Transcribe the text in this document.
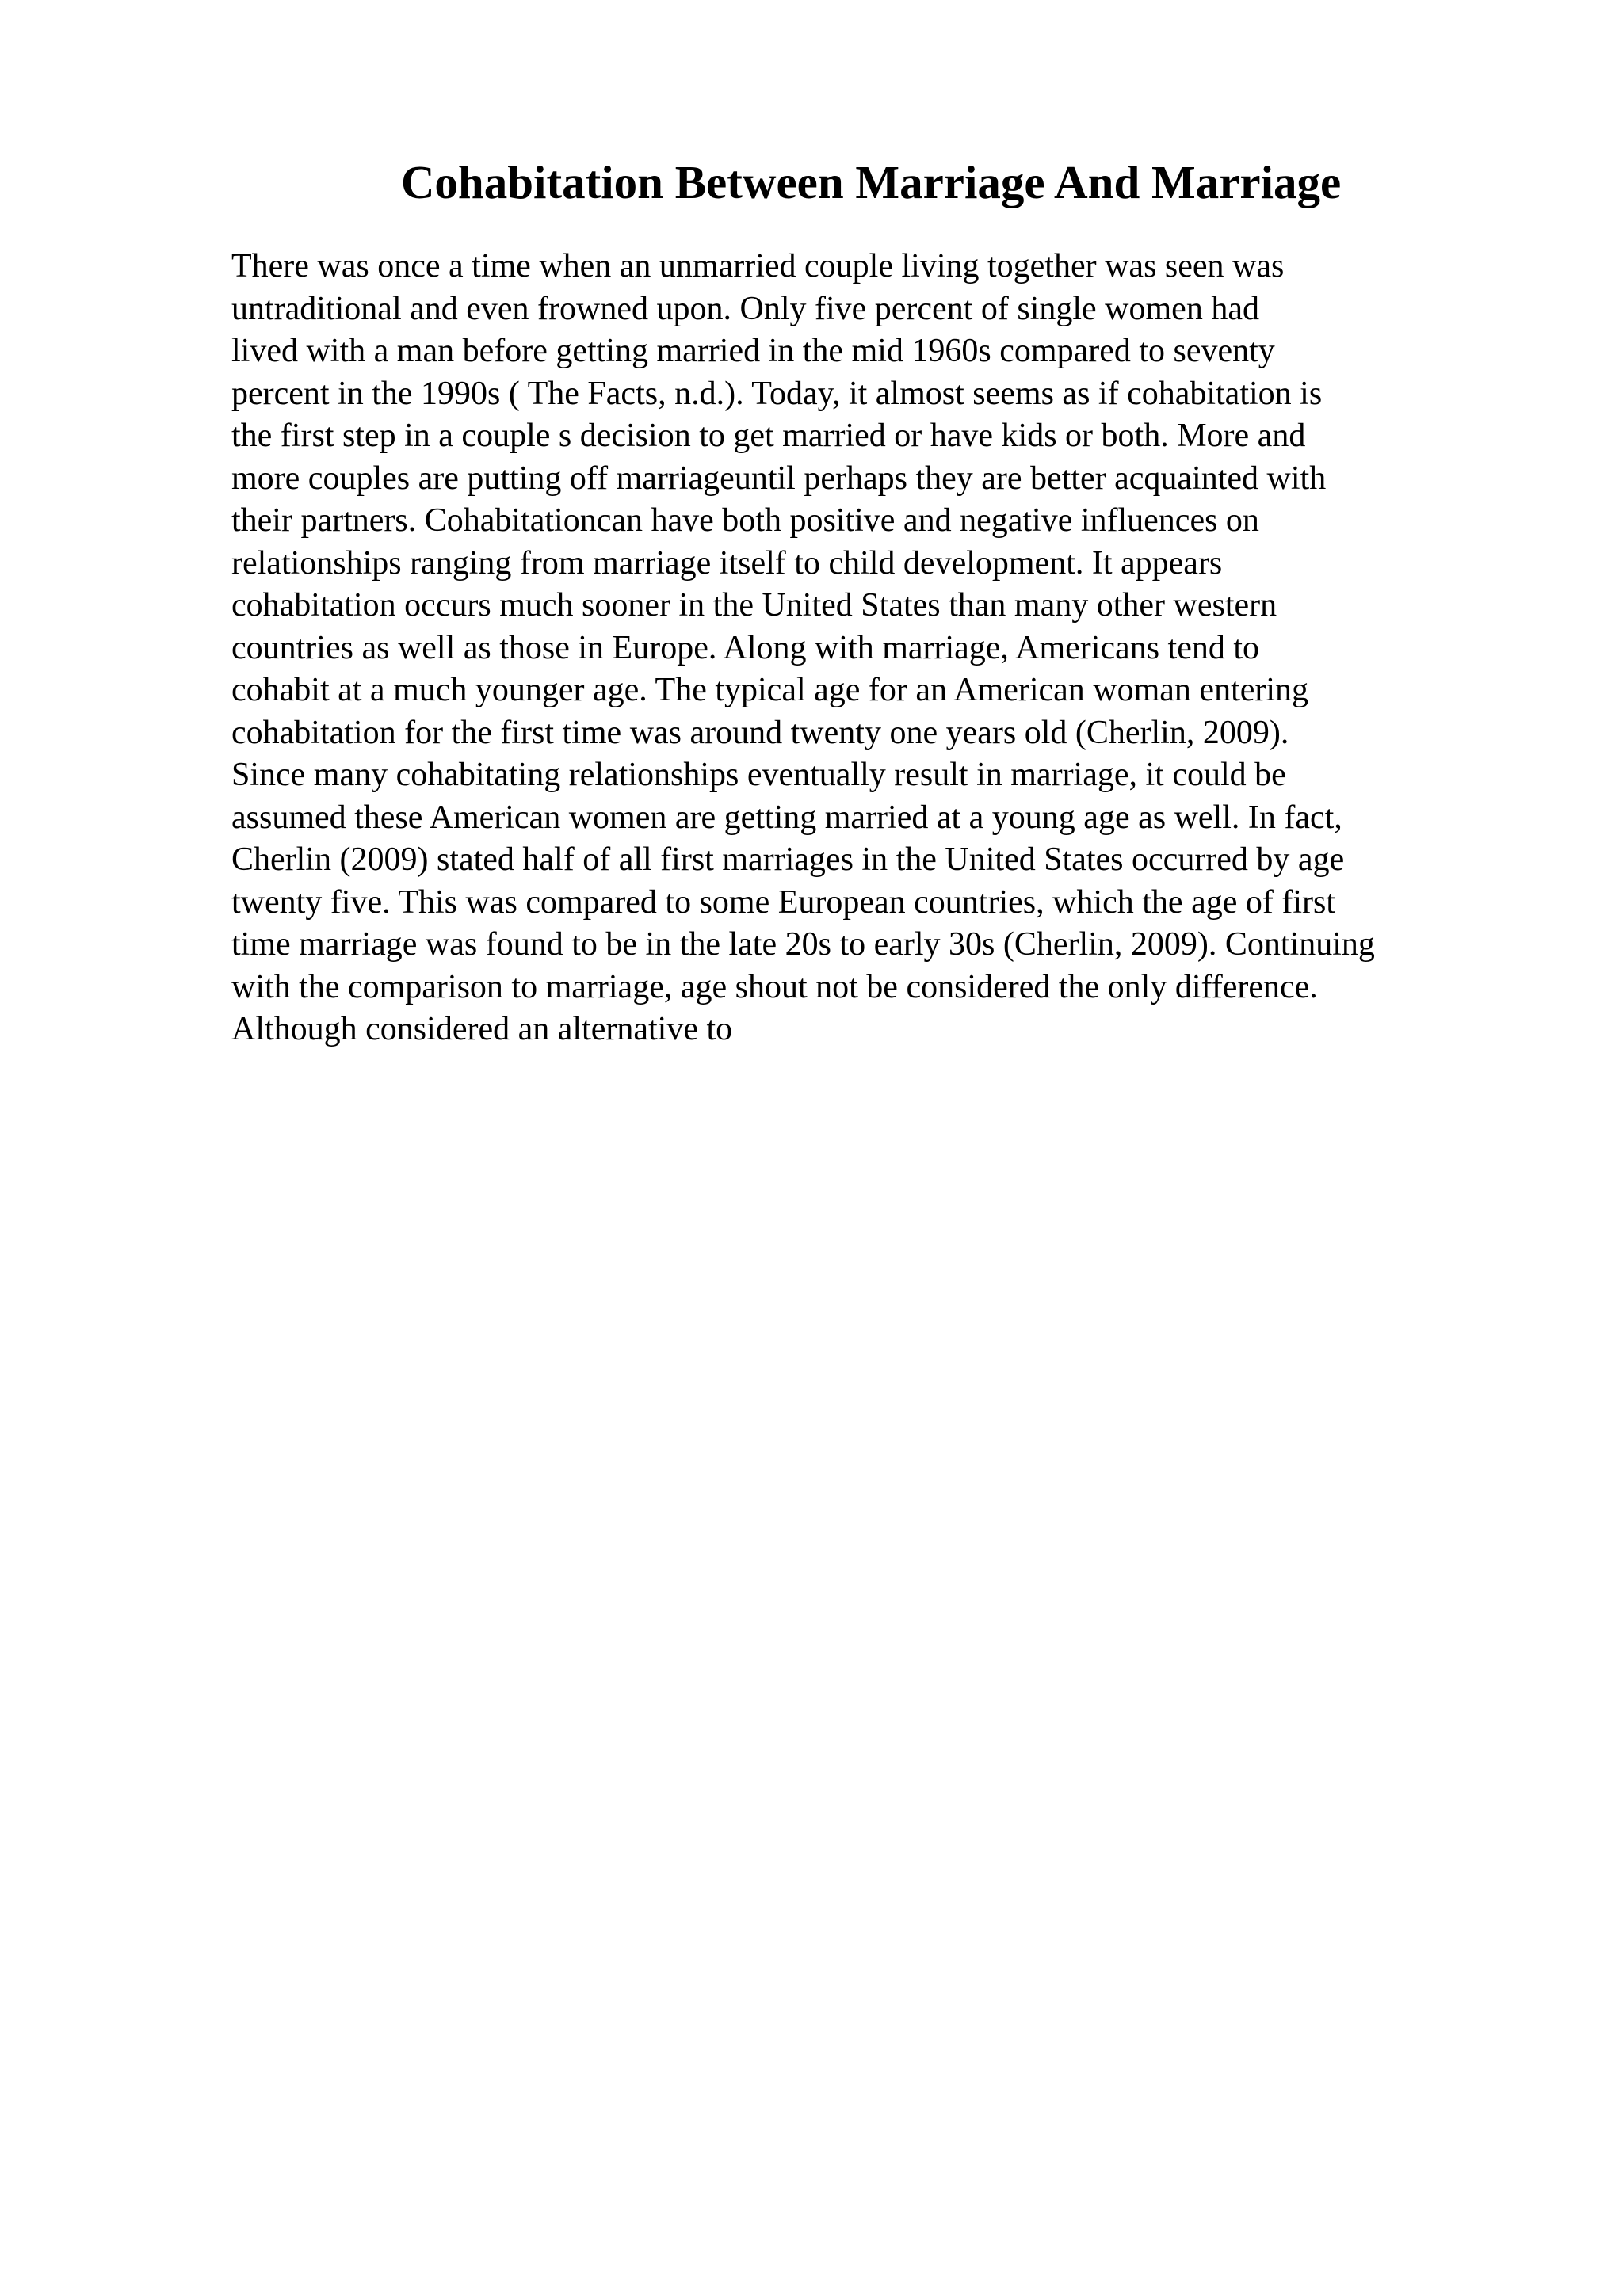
Cohabitation Between Marriage And Marriage
There was once a time when an unmarried couple living together was seen was
untraditional and even frowned upon. Only five percent of single women had
lived with a man before getting married in the mid 1960s compared to seventy
percent in the 1990s ( The Facts, n.d.). Today, it almost seems as if cohabitation is
the first step in a couple s decision to get married or have kids or both. More and
more couples are putting off marriageuntil perhaps they are better acquainted with
their partners. Cohabitationcan have both positive and negative influences on
relationships ranging from marriage itself to child development. It appears
cohabitation occurs much sooner in the United States than many other western
countries as well as those in Europe. Along with marriage, Americans tend to
cohabit at a much younger age. The typical age for an American woman entering
cohabitation for the first time was around twenty one years old (Cherlin, 2009).
Since many cohabitating relationships eventually result in marriage, it could be
assumed these American women are getting married at a young age as well. In fact,
Cherlin (2009) stated half of all first marriages in the United States occurred by age
twenty five. This was compared to some European countries, which the age of first
time marriage was found to be in the late 20s to early 30s (Cherlin, 2009). Continuing
with the comparison to marriage, age shout not be considered the only difference.
Although considered an alternative to
